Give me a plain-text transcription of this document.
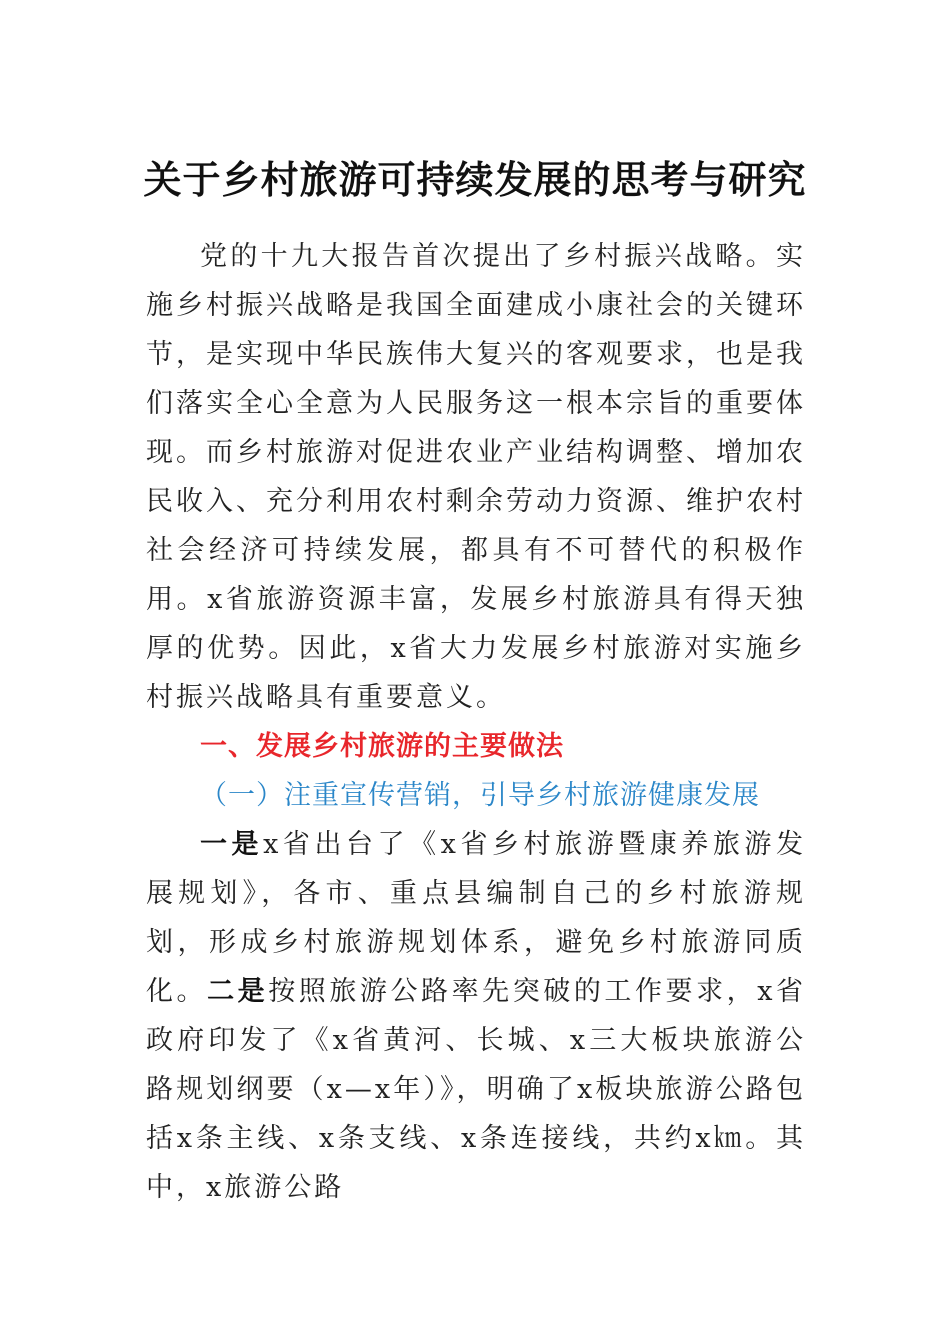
关于乡村旅游可持续发展的思考与研究

党的十九大报告首次提出了乡村振兴战略。实施乡村振兴战略是我国全面建成小康社会的关键环节，是实现中华民族伟大复兴的客观要求，也是我们落实全心全意为人民服务这一根本宗旨的重要体现。而乡村旅游对促进农业产业结构调整、增加农民收入、充分利用农村剩余劳动力资源、维护农村社会经济可持续发展，都具有不可替代的积极作用。x省旅游资源丰富，发展乡村旅游具有得天独厚的优势。因此，x省大力发展乡村旅游对实施乡村振兴战略具有重要意义。

一、发展乡村旅游的主要做法

（一）注重宣传营销，引导乡村旅游健康发展

一是x省出台了《x省乡村旅游暨康养旅游发展规划》，各市、重点县编制自己的乡村旅游规划，形成乡村旅游规划体系，避免乡村旅游同质化。二是按照旅游公路率先突破的工作要求，x省政府印发了《x省黄河、长城、x三大板块旅游公路规划纲要（x—x年）》，明确了x板块旅游公路包括x条主线、x条支线、x条连接线，共约x㎞。其中，x旅游公路
